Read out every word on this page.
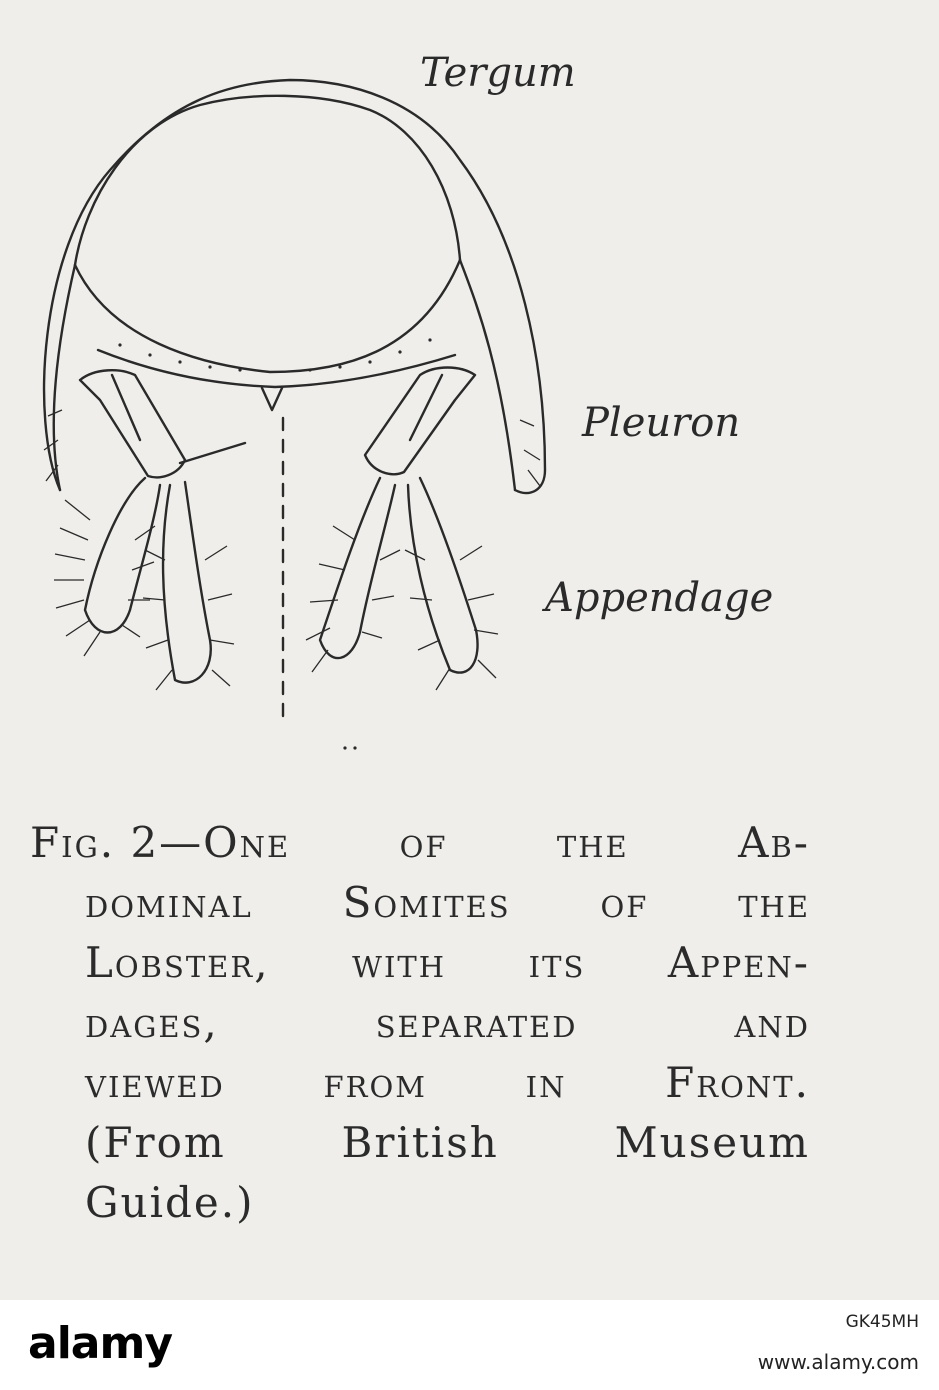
Tergum
Pleuron
Appendage
Fig. 2—One	of	the	Ab-
dominal Somites of the
Lobster, with its Appen-
dages,	separated	and
viewed from in Front.
(From	British	Museum
Guide.)
alamy	GK45MH
www.alamy.com
